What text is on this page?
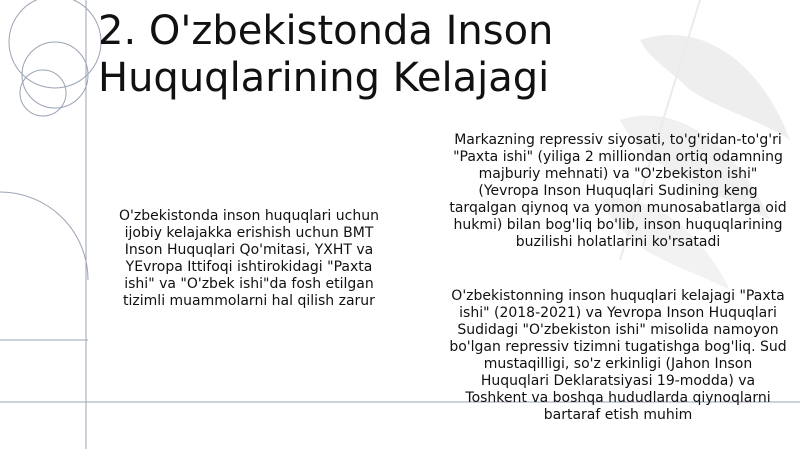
2. O'zbekistonda Inson Huquqlarining Kelajagi

O'zbekistonda inson huquqlari uchun ijobiy kelajakka erishish uchun BMT Inson Huquqlari Qo'mitasi, YXHT va YEvropa Ittifoqi ishtirokidagi "Paxta ishi" va "O'zbek ishi"da fosh etilgan tizimli muammolarni hal qilish zarur

Markazning repressiv siyosati, to'g'ridan-to'g'ri "Paxta ishi" (yiliga 2 milliondan ortiq odamning majburiy mehnati) va "O'zbekiston ishi" (Yevropa Inson Huquqlari Sudining keng tarqalgan qiynoq va yomon munosabatlarga oid hukmi) bilan bog'liq bo'lib, inson huquqlarining buzilishi holatlarini ko'rsatadi

O'zbekistonning inson huquqlari kelajagi "Paxta ishi" (2018-2021) va Yevropa Inson Huquqlari Sudidagi "O'zbekiston ishi" misolida namoyon bo'lgan repressiv tizimni tugatishga bog'liq. Sud mustaqilligi, so'z erkinligi (Jahon Inson Huquqlari Deklaratsiyasi 19-modda) va Toshkent va boshqa hududlarda qiynoqlarni bartaraf etish muhim
